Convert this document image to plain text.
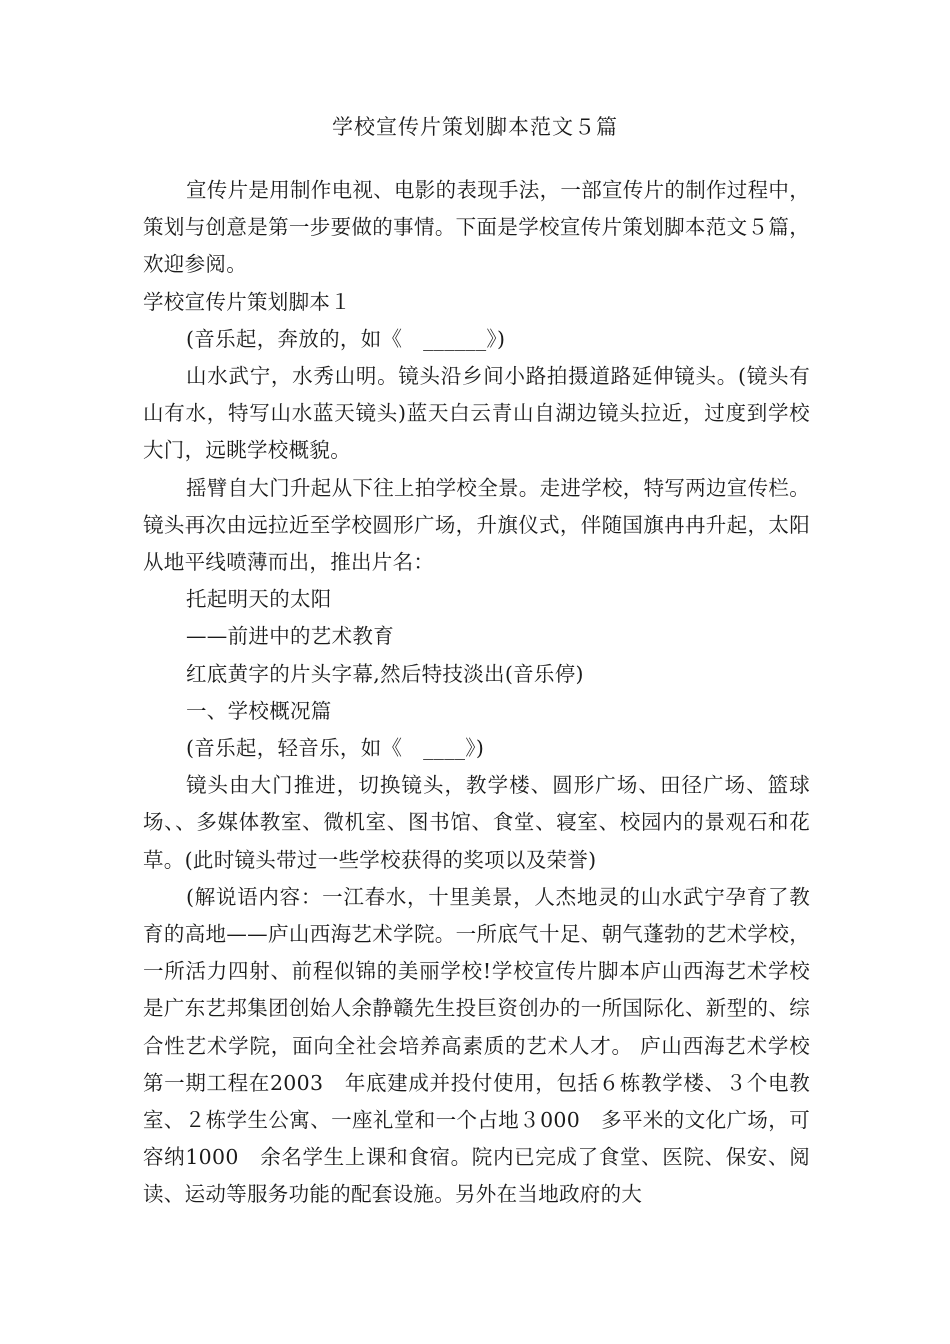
学校宣传片策划脚本范文５篇

宣传片是用制作电视、电影的表现手法，一部宣传片的制作过程中，策划与创意是第一步要做的事情。下面是学校宣传片策划脚本范文５篇，欢迎参阅。

学校宣传片策划脚本１

(音乐起，奔放的，如《　______》)

山水武宁，水秀山明。镜头沿乡间小路拍摄道路延伸镜头。(镜头有山有水，特写山水蓝天镜头)蓝天白云青山自湖边镜头拉近，过度到学校大门，远眺学校概貌。

摇臂自大门升起从下往上拍学校全景。走进学校，特写两边宣传栏。镜头再次由远拉近至学校圆形广场，升旗仪式，伴随国旗冉冉升起，太阳从地平线喷薄而出，推出片名：

托起明天的太阳

——前进中的艺术教育

红底黄字的片头字幕,然后特技淡出(音乐停)

一、学校概况篇

(音乐起，轻音乐，如《　____》)

镜头由大门推进，切换镜头，教学楼、圆形广场、田径广场、篮球场、、多媒体教室、微机室、图书馆、食堂、寝室、校园内的景观石和花草。(此时镜头带过一些学校获得的奖项以及荣誉)

(解说语内容：一江春水，十里美景，人杰地灵的山水武宁孕育了教育的高地——庐山西海艺术学院。一所底气十足、朝气蓬勃的艺术学校，一所活力四射、前程似锦的美丽学校!学校宣传片脚本庐山西海艺术学校是广东艺邦集团创始人余静赣先生投巨资创办的一所国际化、新型的、综合性艺术学院，面向全社会培养高素质的艺术人才。 庐山西海艺术学校第一期工程在2003　年底建成并投付使用，包括６栋教学楼、３个电教室、２栋学生公寓、一座礼堂和一个占地３000　多平米的文化广场，可容纳1000　余名学生上课和食宿。院内已完成了食堂、医院、保安、阅读、运动等服务功能的配套设施。另外在当地政府的大
